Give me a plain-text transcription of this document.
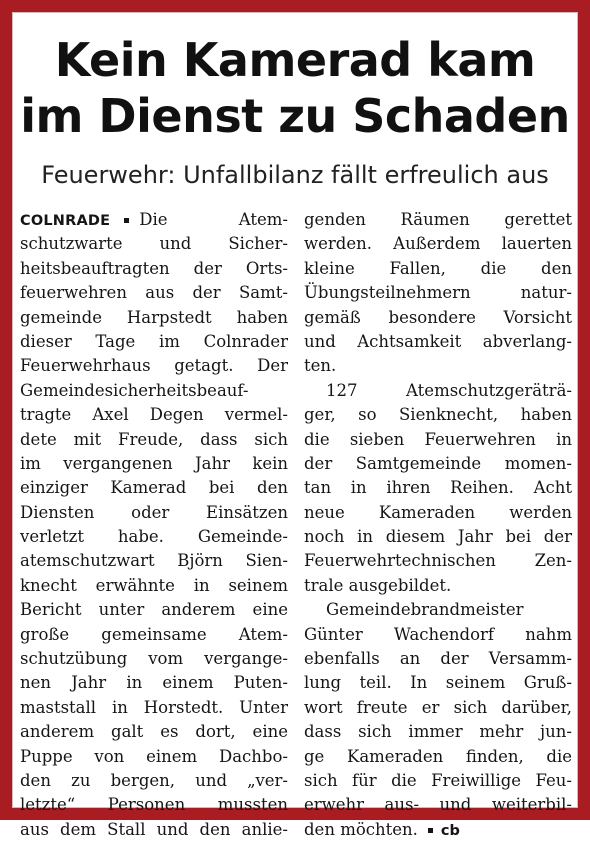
Kein Kamerad kam
im Dienst zu Schaden
Feuerwehr: Unfallbilanz fällt erfreulich aus
COLNRADE Die Atem-
schutzwarte und Sicher-
heitsbeauftragten der Orts-
feuerwehren aus der Samt-
gemeinde Harpstedt haben
dieser Tage im Colnrader
Feuerwehrhaus getagt. Der
Gemeindesicherheitsbeauf-
tragte Axel Degen vermel-
dete mit Freude, dass sich
im vergangenen Jahr kein
einziger Kamerad bei den
Diensten oder Einsätzen
verletzt habe. Gemeinde-
atemschutzwart Björn Sien-
knecht erwähnte in seinem
Bericht unter anderem eine
große gemeinsame Atem-
schutzübung vom vergange-
nen Jahr in einem Puten-
maststall in Horstedt. Unter
anderem galt es dort, eine
Puppe von einem Dachbo-
den zu bergen, und „ver-
letzte“ Personen mussten
aus dem Stall und den anlie-
genden Räumen gerettet
werden. Außerdem lauerten
kleine Fallen, die den
Übungsteilnehmern natur-
gemäß besondere Vorsicht
und Achtsamkeit abverlang-
ten.
127 Atemschutzgeräträ-
ger, so Sienknecht, haben
die sieben Feuerwehren in
der Samtgemeinde momen-
tan in ihren Reihen. Acht
neue Kameraden werden
noch in diesem Jahr bei der
Feuerwehrtechnischen Zen-
trale ausgebildet.
Gemeindebrandmeister
Günter Wachendorf nahm
ebenfalls an der Versamm-
lung teil. In seinem Gruß-
wort freute er sich darüber,
dass sich immer mehr jun-
ge Kameraden finden, die
sich für die Freiwillige Feu-
erwehr aus- und weiterbil-
den möchten. cb
